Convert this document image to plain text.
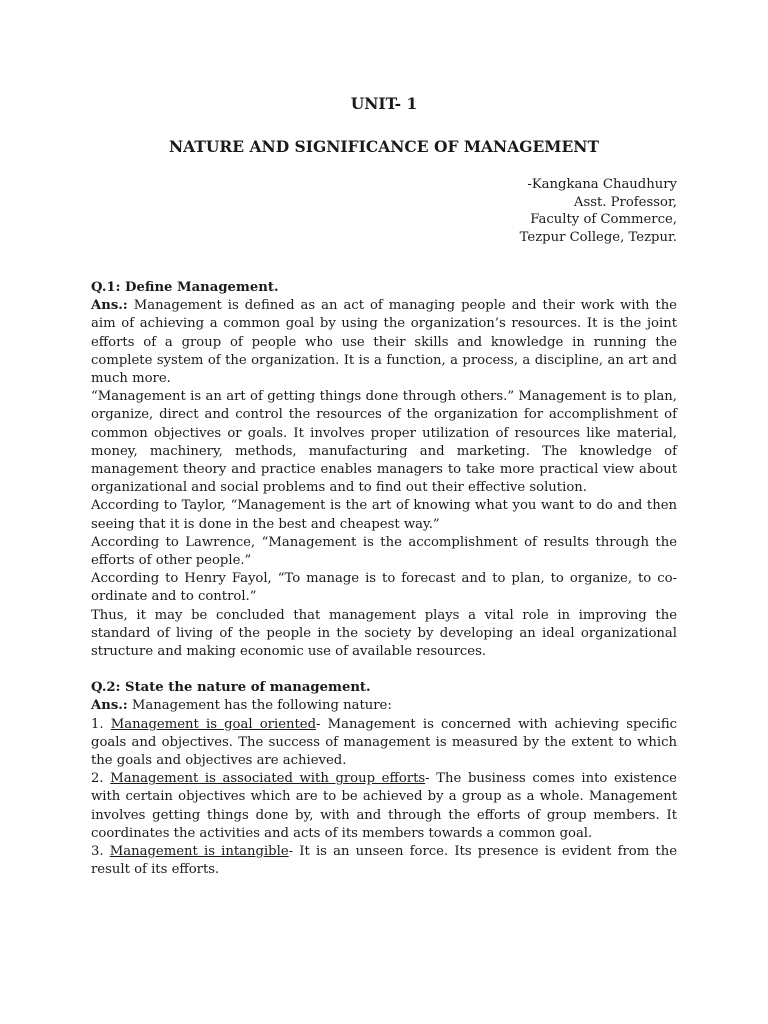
UNIT- 1
NATURE AND SIGNIFICANCE OF MANAGEMENT
-Kangkana Chaudhury
Asst. Professor,
Faculty of Commerce,
Tezpur College, Tezpur.

Q.1: Define Management.

Ans.: Management is defined as an act of managing people and their work with the aim of achieving a common goal by using the organization’s resources. It is the joint efforts of a group of people who use their skills and knowledge in running the complete system of the organization. It is a function, a process, a discipline, an art and much more.

“Management is an art of getting things done through others.” Management is to plan, organize, direct and control the resources of the organization for accomplishment of common objectives or goals. It involves proper utilization of resources like material, money, machinery, methods, manufacturing and marketing. The knowledge of management theory and practice enables managers to take more practical view about organizational and social problems and to find out their effective solution.

According to Taylor, “Management is the art of knowing what you want to do and then seeing that it is done in the best and cheapest way.”

According to Lawrence, “Management is the accomplishment of results through the efforts of other people.”

According to Henry Fayol, “To manage is to forecast and to plan, to organize, to co-ordinate and to control.”

Thus, it may be concluded that management plays a vital role in improving the standard of living of the people in the society by developing an ideal organizational structure and making economic use of available resources.

Q.2: State the nature of management.

Ans.: Management has the following nature:

1. Management is goal oriented- Management is concerned with achieving specific goals and objectives. The success of management is measured by the extent to which the goals and objectives are achieved.

2. Management is associated with group efforts- The business comes into existence with certain objectives which are to be achieved by a group as a whole. Management involves getting things done by, with and through the efforts of group members. It coordinates the activities and acts of its members towards a common goal.

3. Management is intangible- It is an unseen force. Its presence is evident from the result of its efforts.
